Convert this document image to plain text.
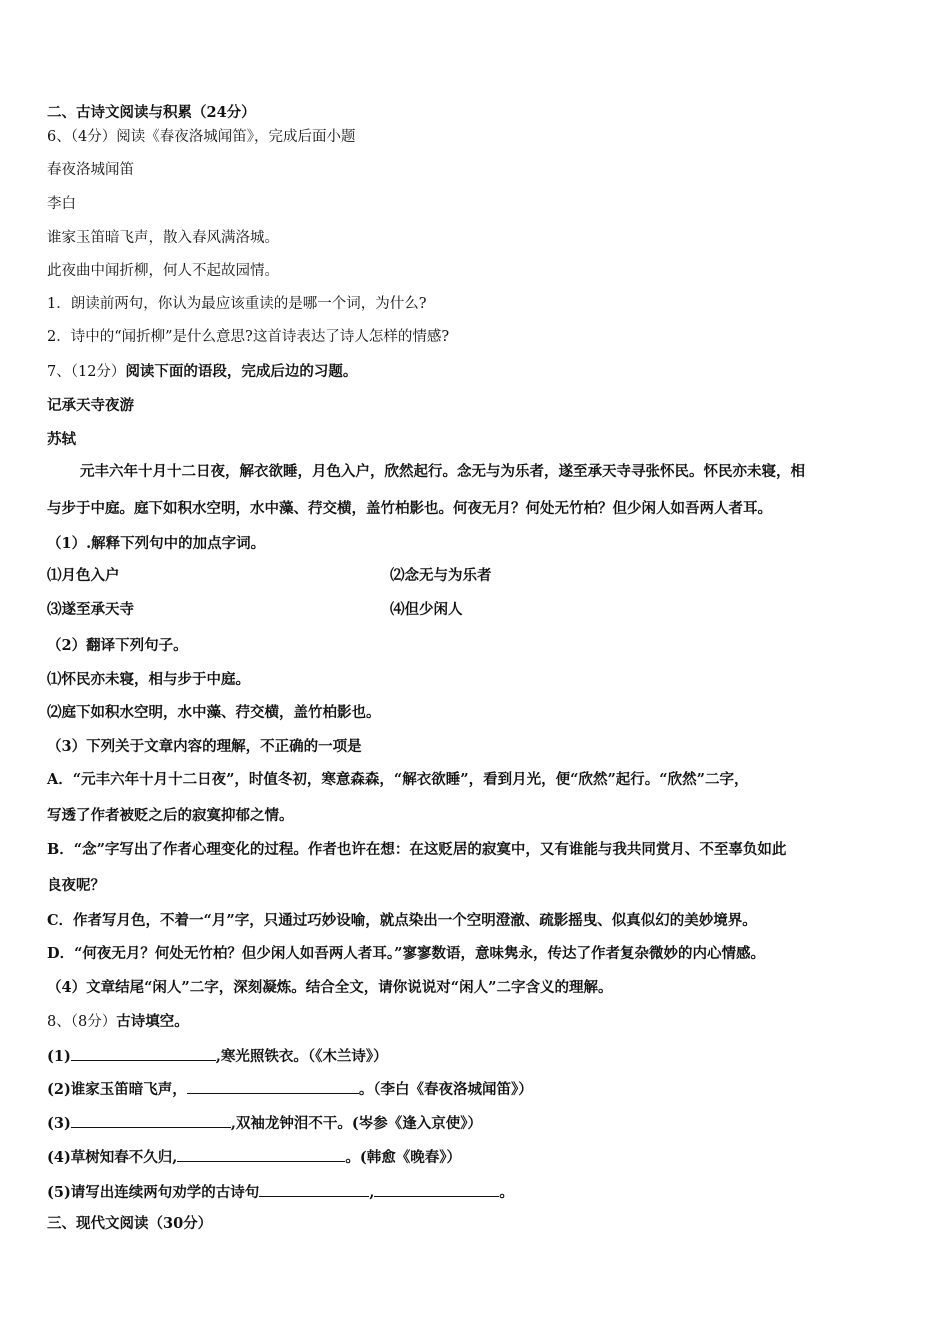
二、古诗文阅读与积累（24分）
6、（4分）阅读《春夜洛城闻笛》，完成后面小题
春夜洛城闻笛
李白
谁家玉笛暗飞声，散入春风满洛城。
此夜曲中闻折柳，何人不起故园情。
1．朗读前两句，你认为最应该重读的是哪一个词，为什么?
2．诗中的“闻折柳”是什么意思?这首诗表达了诗人怎样的情感?
7、（12分）阅读下面的语段，完成后边的习题。
记承天寺夜游
苏轼
元丰六年十月十二日夜，解衣欲睡，月色入户，欣然起行。念无与为乐者，遂至承天寺寻张怀民。怀民亦未寝，相
与步于中庭。庭下如积水空明，水中藻、荇交横，盖竹柏影也。何夜无月？何处无竹柏？但少闲人如吾两人者耳。
（1）.解释下列句中的加点字词。
⑴月色入户	⑵念无与为乐者
⑶遂至承天寺	⑷但少闲人
（2）翻译下列句子。
⑴怀民亦未寝，相与步于中庭。
⑵庭下如积水空明，水中藻、荇交横，盖竹柏影也。
（3）下列关于文章内容的理解，不正确的一项是
A．“元丰六年十月十二日夜”，时值冬初，寒意森森，“解衣欲睡”，看到月光，便“欣然”起行。“欣然”二字，
写透了作者被贬之后的寂寞抑郁之情。
B．“念”字写出了作者心理变化的过程。作者也许在想：在这贬居的寂寞中，又有谁能与我共同赏月、不至辜负如此
良夜呢？
C．作者写月色，不着一“月”字，只通过巧妙设喻，就点染出一个空明澄澈、疏影摇曳、似真似幻的美妙境界。
D．“何夜无月？何处无竹柏？但少闲人如吾两人者耳。”寥寥数语，意味隽永，传达了作者复杂微妙的内心情感。
（4）文章结尾“闲人”二字，深刻凝炼。结合全文，请你说说对“闲人”二字含义的理解。
8、（8分）古诗填空。
(1)	,寒光照铁衣。（《木兰诗》）
(2)谁家玉笛暗飞声，	。（李白《春夜洛城闻笛》）
(3)	,双袖龙钟泪不干。(岑参《逢入京使》）
(4)草树知春不久归,	。(韩愈《晚春》）
(5)请写出连续两句劝学的古诗句	,	。
三、现代文阅读（30分）
